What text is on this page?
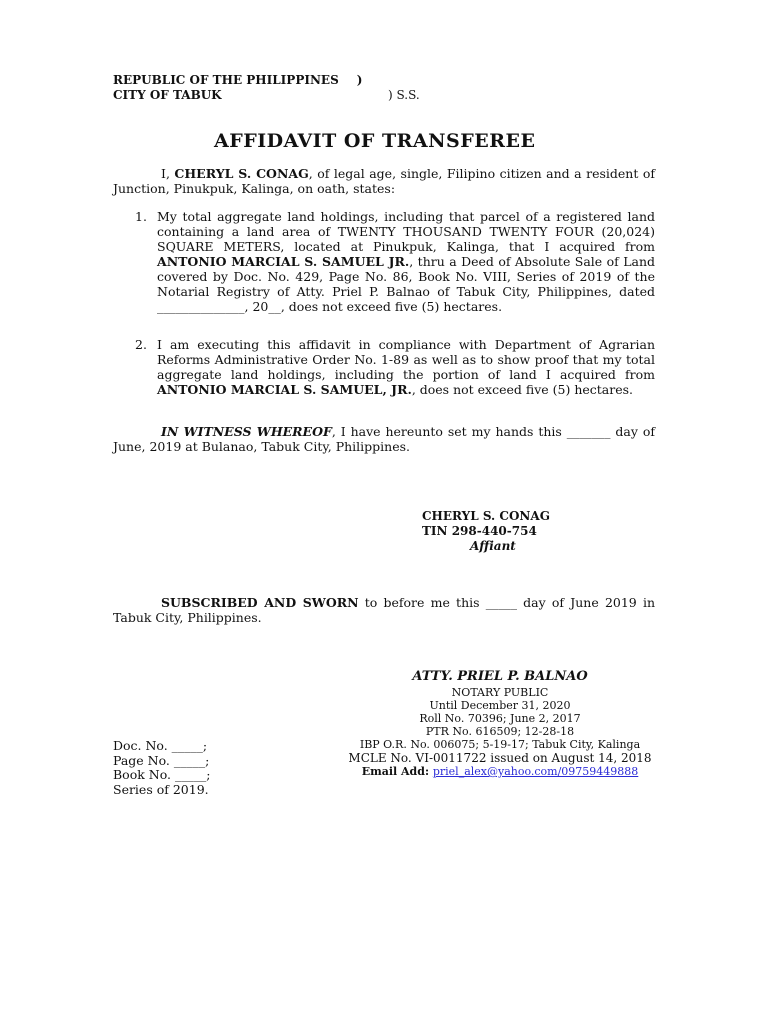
REPUBLIC OF THE PHILIPPINES )
CITY OF TABUK	) S.S.
AFFIDAVIT OF TRANSFEREE
I, CHERYL S. CONAG, of legal age, single, Filipino citizen and a resident of Junction, Pinukpuk, Kalinga, on oath, states:
1. My total aggregate land holdings, including that parcel of a registered land containing a land area of TWENTY THOUSAND TWENTY FOUR (20,024) SQUARE METERS, located at Pinukpuk, Kalinga, that I acquired from ANTONIO MARCIAL S. SAMUEL JR., thru a Deed of Absolute Sale of Land covered by Doc. No. 429, Page No. 86, Book No. VIII, Series of 2019 of the Notarial Registry of Atty. Priel P. Balnao of Tabuk City, Philippines, dated ______________, 20__, does not exceed five (5) hectares.
2. I am executing this affidavit in compliance with Department of Agrarian Reforms Administrative Order No. 1-89 as well as to show proof that my total aggregate land holdings, including the portion of land I acquired from ANTONIO MARCIAL S. SAMUEL, JR., does not exceed five (5) hectares.
IN WITNESS WHEREOF, I have hereunto set my hands this _______ day of June, 2019 at Bulanao, Tabuk City, Philippines.
CHERYL S. CONAG
TIN 298-440-754
Affiant
SUBSCRIBED AND SWORN to before me this _____ day of June 2019 in Tabuk City, Philippines.
ATTY. PRIEL P. BALNAO
NOTARY PUBLIC
Until December 31, 2020
Roll No. 70396; June 2, 2017
PTR No. 616509; 12-28-18
IBP O.R. No. 006075; 5-19-17; Tabuk City, Kalinga
MCLE No. VI-0011722 issued on August 14, 2018
Email Add: priel_alex@yahoo.com/09759449888
Doc. No. _____;
Page No. _____;
Book No. _____;
Series of 2019.
